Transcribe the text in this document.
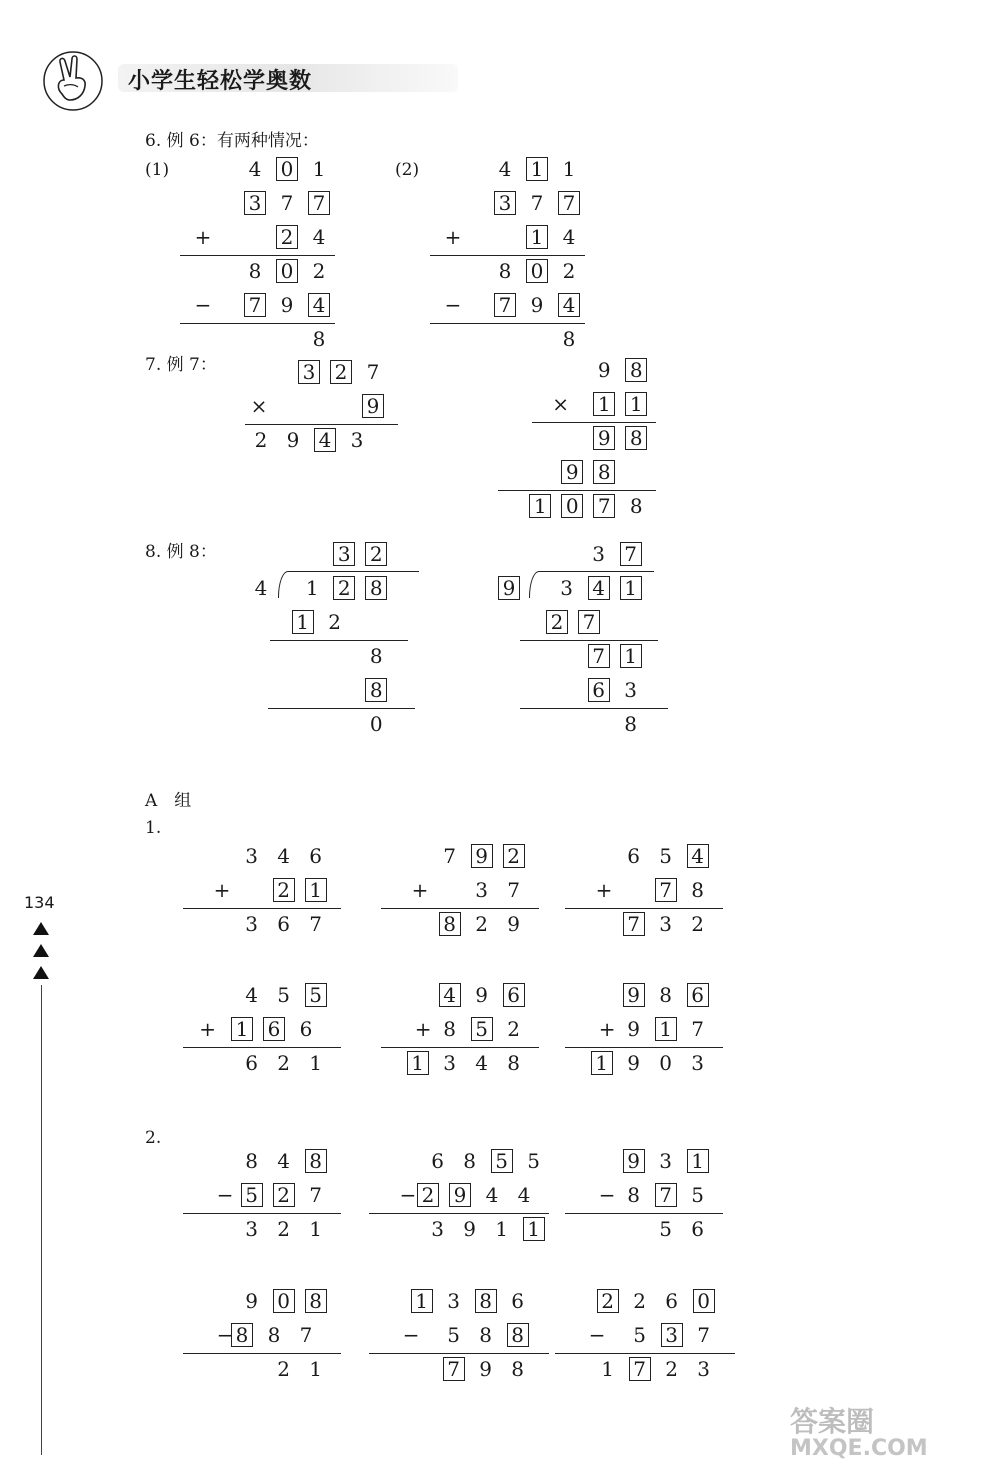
小学生轻松学奥数
134
6. 例 6：有两种情况：
(1)	(2)
7. 例 7：
8. 例 8：
A　组
1.
2.
4 0 1
3 7 7
2 4
8 0 2
7 9 4
8
+
−
4 1 1
3 7 7
1 4
8 0 2
7 9 4
8
+
−
3 2 7
9
2 9 4 3
×
9 8
1 1
9 8
9 8
1 0 7 8
×
3 2
4 1 2 8
1 2
8
8
0
3 7
9 3 4 1
2 7
7 1
6 3
8
3 4 6
2 1
3 6 7
+
7 9 2
3 7
8 2 9
+
6 5 4
7 8
7 3 2
+
4 5 5
1 6 6
6 2 1
+
4 9 6
8 5 2
1 3 4 8
+
9 8 6
9 1 7
1 9 0 3
+
8 4 8
5 2 7
3 2 1
−
6 8 5 5
2 9 4 4
3 9 1 1
−
9 3 1
8 7 5
5 6
−
9 0 8
8 8 7
2 1
−
1 3 8 6
5 8 8
7 9 8
−
2 2 6 0
5 3 7
1 7 2 3
−
答案圈
MXQE.COM
